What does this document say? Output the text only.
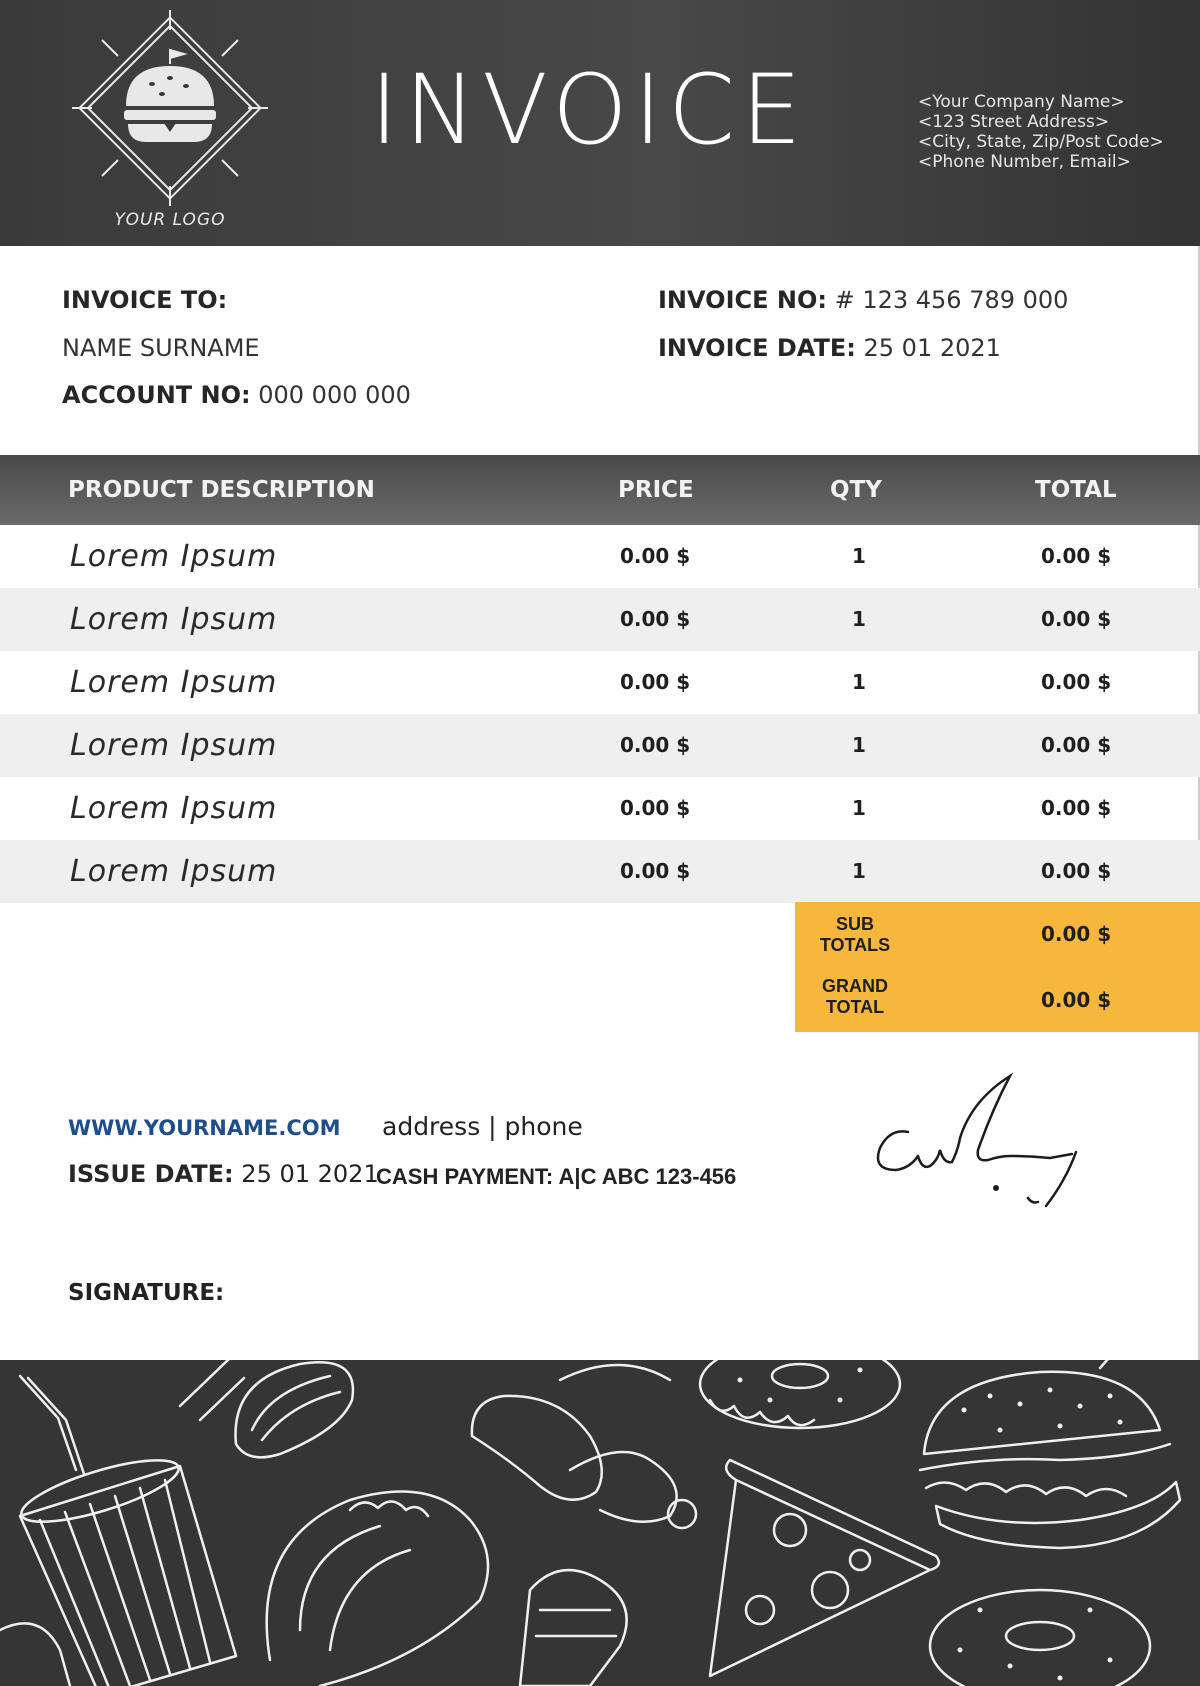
YOUR LOGO
INVOICE	<Your Company Name>
<123 Street Address>
<City, State, Zip/Post Code>
<Phone Number, Email>
INVOICE TO:
NAME SURNAME
ACCOUNT NO: 000 000 000
INVOICE NO: # 123 456 789 000
INVOICE DATE: 25 01 2021
PRODUCT DESCRIPTION	PRICE	QTY	TOTAL
Lorem Ipsum	0.00 $	1	0.00 $
Lorem Ipsum	0.00 $	1	0.00 $
Lorem Ipsum	0.00 $	1	0.00 $
Lorem Ipsum	0.00 $	1	0.00 $
Lorem Ipsum	0.00 $	1	0.00 $
Lorem Ipsum	0.00 $	1	0.00 $
SUB
TOTALS	0.00 $
GRAND
TOTAL	0.00 $
WWW.YOURNAME.COM address | phone
ISSUE DATE: 25 01 2021
CASH PAYMENT: A|C ABC 123-456
SIGNATURE:
